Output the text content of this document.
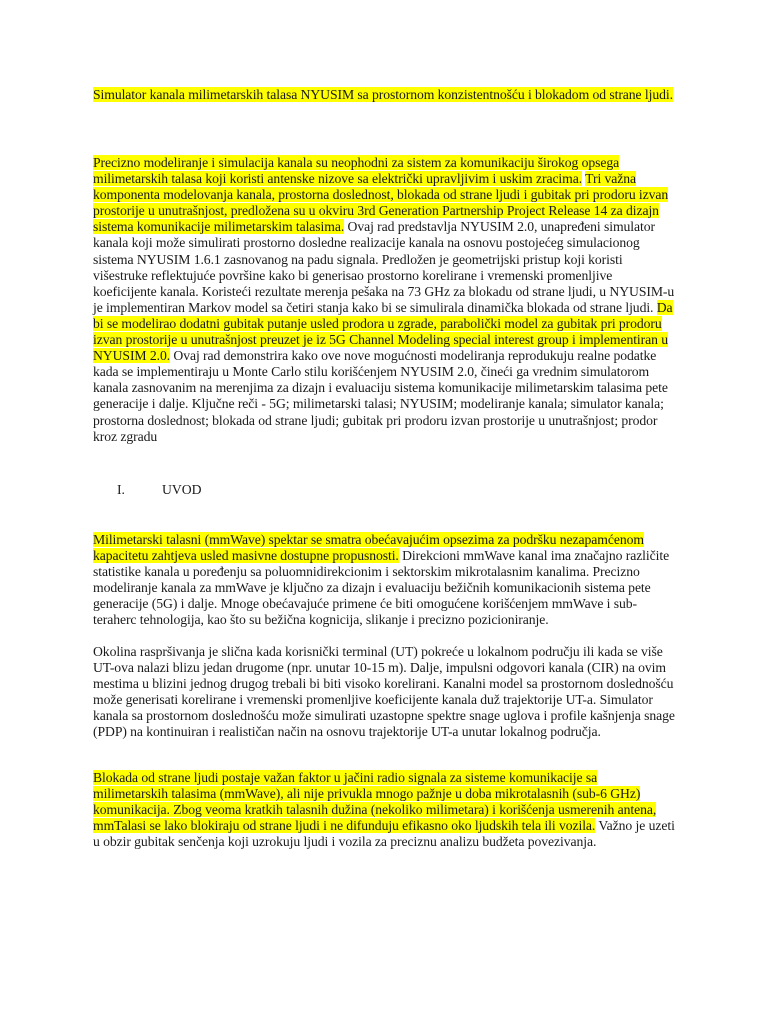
Simulator kanala milimetarskih talasa NYUSIM sa prostornom konzistentnošću i blokadom od strane ljudi.

Precizno modeliranje i simulacija kanala su neophodni za sistem za komunikaciju širokog opsega milimetarskih talasa koji koristi antenske nizove sa električki upravljivim i uskim zracima. Tri važna komponenta modelovanja kanala, prostorna doslednost, blokada od strane ljudi i gubitak pri prodoru izvan prostorije u unutrašnjost, predložena su u okviru 3rd Generation Partnership Project Release 14 za dizajn sistema komunikacije milimetarskim talasima. Ovaj rad predstavlja NYUSIM 2.0, unapređeni simulator kanala koji može simulirati prostorno dosledne realizacije kanala na osnovu postojećeg simulacionog sistema NYUSIM 1.6.1 zasnovanog na padu signala. Predložen je geometrijski pristup koji koristi višestruke reflektujuće površine kako bi generisao prostorno korelirane i vremenski promenljive koeficijente kanala. Koristeći rezultate merenja pešaka na 73 GHz za blokadu od strane ljudi, u NYUSIM-u je implementiran Markov model sa četiri stanja kako bi se simulirala dinamička blokada od strane ljudi. Da bi se modelirao dodatni gubitak putanje usled prodora u zgrade, parabolički model za gubitak pri prodoru izvan prostorije u unutrašnjost preuzet je iz 5G Channel Modeling special interest group i implementiran u NYUSIM 2.0. Ovaj rad demonstrira kako ove nove mogućnosti modeliranja reprodukuju realne podatke kada se implementiraju u Monte Carlo stilu korišćenjem NYUSIM 2.0, čineći ga vrednim simulatorom kanala zasnovanim na merenjima za dizajn i evaluaciju sistema komunikacije milimetarskim talasima pete generacije i dalje. Ključne reči - 5G; milimetarski talasi; NYUSIM; modeliranje kanala; simulator kanala; prostorna doslednost; blokada od strane ljudi; gubitak pri prodoru izvan prostorije u unutrašnjost; prodor kroz zgradu

I.	UVOD

Milimetarski talasni (mmWave) spektar se smatra obećavajućim opsezima za podršku nezapamćenom kapacitetu zahtjeva usled masivne dostupne propusnosti. Direkcioni mmWave kanal ima značajno različite statistike kanala u poređenju sa poluomnidirekcionim i sektorskim mikrotalasnim kanalima. Precizno modeliranje kanala za mmWave je ključno za dizajn i evaluaciju bežičnih komunikacionih sistema pete generacije (5G) i dalje. Mnoge obećavajuće primene će biti omogućene korišćenjem mmWave i sub-teraherc tehnologija, kao što su bežična kognicija, slikanje i precizno pozicioniranje.

Okolina raspršivanja je slična kada korisnički terminal (UT) pokreće u lokalnom području ili kada se više UT-ova nalazi blizu jedan drugome (npr. unutar 10-15 m). Dalje, impulsni odgovori kanala (CIR) na ovim mestima u blizini jednog drugog trebali bi biti visoko korelirani. Kanalni model sa prostornom doslednošću može generisati korelirane i vremenski promenljive koeficijente kanala duž trajektorije UT-a. Simulator kanala sa prostornom doslednošću može simulirati uzastopne spektre snage uglova i profile kašnjenja snage (PDP) na kontinuiran i realističan način na osnovu trajektorije UT-a unutar lokalnog područja.

Blokada od strane ljudi postaje važan faktor u jačini radio signala za sisteme komunikacije sa milimetarskih talasima (mmWave), ali nije privukla mnogo pažnje u doba mikrotalasnih (sub-6 GHz) komunikacija. Zbog veoma kratkih talasnih dužina (nekoliko milimetara) i korišćenja usmerenih antena, mmTalasi se lako blokiraju od strane ljudi i ne difunduju efikasno oko ljudskih tela ili vozila. Važno je uzeti u obzir gubitak senčenja koji uzrokuju ljudi i vozila za preciznu analizu budžeta povezivanja.
